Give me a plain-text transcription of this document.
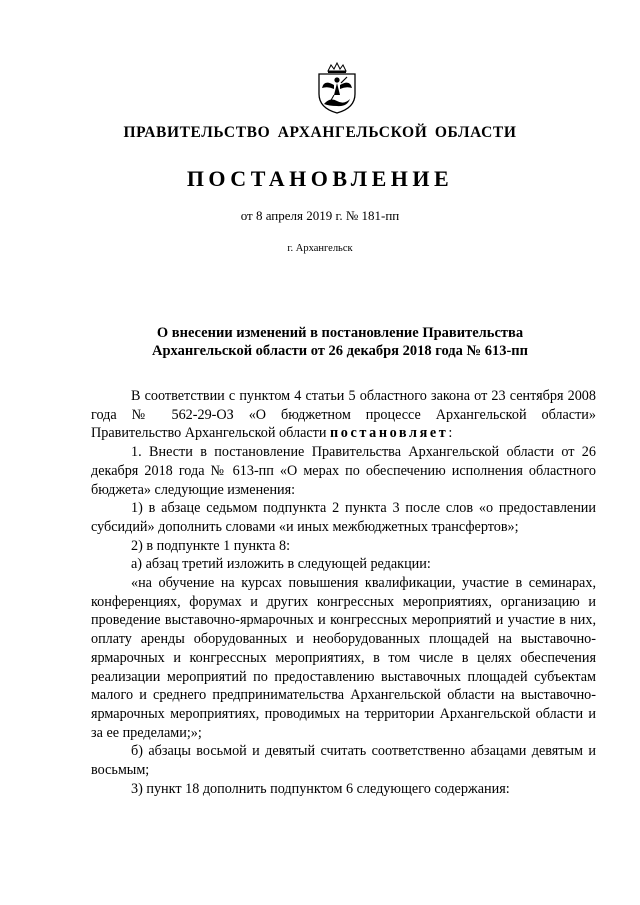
ПРАВИТЕЛЬСТВО АРХАНГЕЛЬСКОЙ ОБЛАСТИ
ПОСТАНОВЛЕНИЕ
от 8 апреля 2019 г. № 181-пп
г. Архангельск
О внесении изменений в постановление Правительства
Архангельской области от 26 декабря 2018 года № 613-пп

В соответствии с пунктом 4 статьи 5 областного закона от 23 сентября 2008 года № 562-29-ОЗ «О бюджетном процессе Архангельской области» Правительство Архангельской области постановляет:

1. Внести в постановление Правительства Архангельской области от 26 декабря 2018 года № 613-пп «О мерах по обеспечению исполнения областного бюджета» следующие изменения:

1) в абзаце седьмом подпункта 2 пункта 3 после слов «о предоставлении субсидий» дополнить словами «и иных межбюджетных трансфертов»;

2) в подпункте 1 пункта 8:

а) абзац третий изложить в следующей редакции:

«на обучение на курсах повышения квалификации, участие в семинарах, конференциях, форумах и других конгрессных мероприятиях, организацию и проведение выставочно-ярмарочных и конгрессных мероприятий и участие в них, оплату аренды оборудованных и необорудованных площадей на выставочно-ярмарочных и конгрессных мероприятиях, в том числе в целях обеспечения реализации мероприятий по предоставлению выставочных площадей субъектам малого и среднего предпринимательства Архангельской области на выставочно-ярмарочных мероприятиях, проводимых на территории Архангельской области и за ее пределами;»;

б) абзацы восьмой и девятый считать соответственно абзацами девятым и восьмым;

3) пункт 18 дополнить подпунктом 6 следующего содержания:
